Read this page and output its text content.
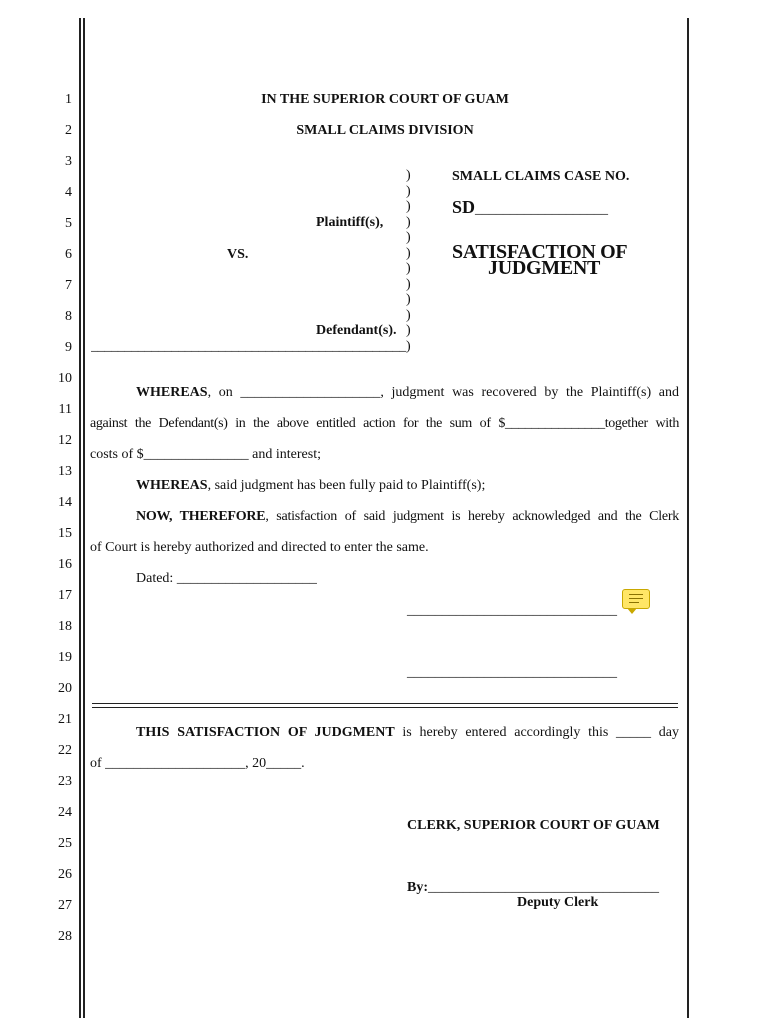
1
2
3
4
5
6
7
8
9
10
11
12
13
14
15
16
17
18
19
20
21
22
23
24
25
26
27
28
IN THE SUPERIOR COURT OF GUAM
SMALL CLAIMS DIVISION
Plaintiff(s),
VS.
Defendant(s).
_______________________________________________
)
)
)
)
)
)
)
)
)
)
)
)
SMALL CLAIMS CASE NO.
SD___________________
SATISFACTION OF
JUDGMENT
WHEREAS, on ____________________, judgment was recovered by the Plaintiff(s) and
against the Defendant(s) in the above entitled action for the sum of $_______________together with
costs of $_______________ and interest;
WHEREAS, said judgment has been fully paid to Plaintiff(s);
NOW, THEREFORE, satisfaction of said judgment is hereby acknowledged and the Clerk
of Court is hereby authorized and directed to enter the same.
Dated: ____________________
______________________________
______________________________
THIS SATISFACTION OF JUDGMENT is hereby entered accordingly this _____ day
of ____________________, 20_____.
CLERK, SUPERIOR COURT OF GUAM
By:_________________________________
Deputy Clerk
